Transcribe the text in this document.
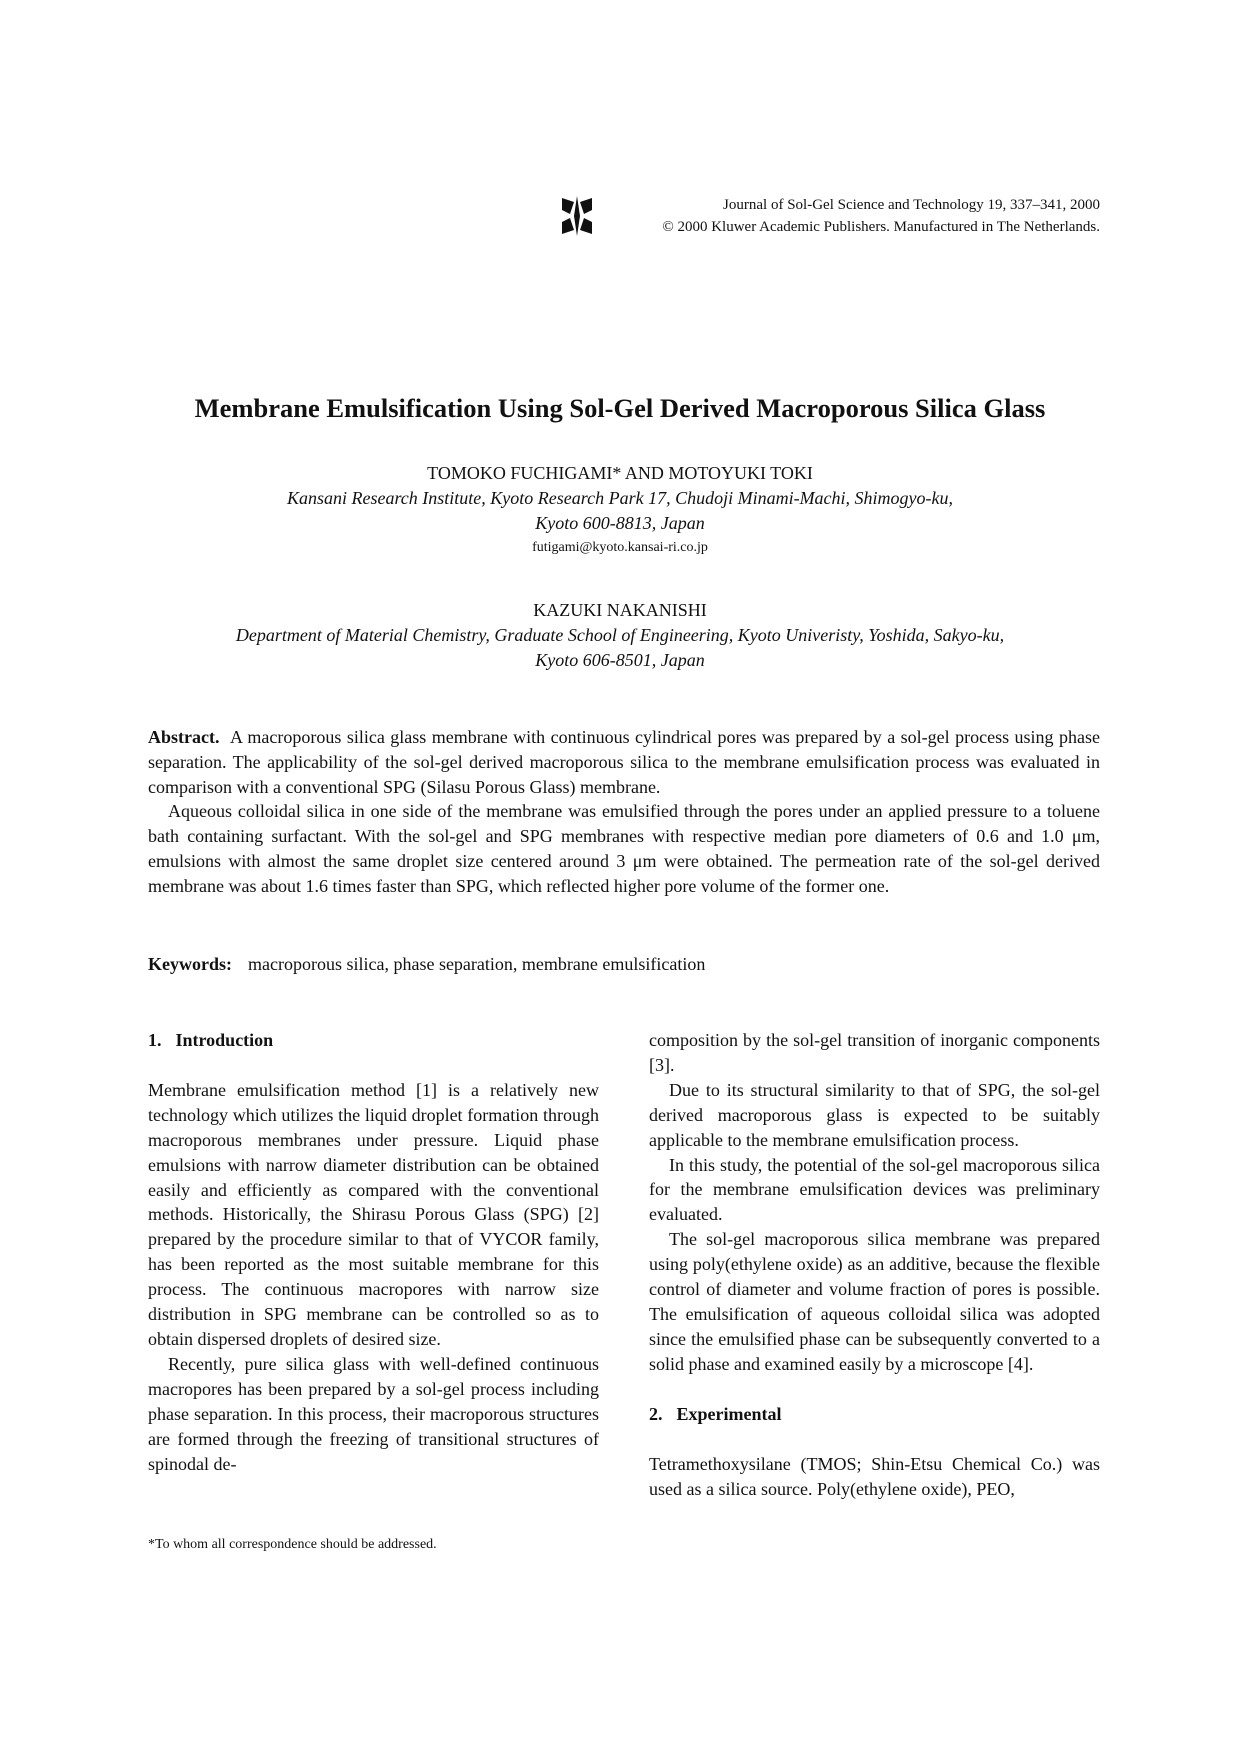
Journal of Sol-Gel Science and Technology 19, 337–341, 2000
© 2000 Kluwer Academic Publishers. Manufactured in The Netherlands.
Membrane Emulsification Using Sol-Gel Derived Macroporous Silica Glass
TOMOKO FUCHIGAMI* AND MOTOYUKI TOKI
Kansani Research Institute, Kyoto Research Park 17, Chudoji Minami-Machi, Shimogyo-ku,
Kyoto 600-8813, Japan
futigami@kyoto.kansai-ri.co.jp
KAZUKI NAKANISHI
Department of Material Chemistry, Graduate School of Engineering, Kyoto Univeristy, Yoshida, Sakyo-ku,
Kyoto 606-8501, Japan

Abstract. A macroporous silica glass membrane with continuous cylindrical pores was prepared by a sol-gel process using phase separation. The applicability of the sol-gel derived macroporous silica to the membrane emulsification process was evaluated in comparison with a conventional SPG (Silasu Porous Glass) membrane.

Aqueous colloidal silica in one side of the membrane was emulsified through the pores under an applied pressure to a toluene bath containing surfactant. With the sol-gel and SPG membranes with respective median pore diameters of 0.6 and 1.0 μm, emulsions with almost the same droplet size centered around 3 μm were obtained. The permeation rate of the sol-gel derived membrane was about 1.6 times faster than SPG, which reflected higher pore volume of the former one.

Keywords: macroporous silica, phase separation, membrane emulsification
1. Introduction

Membrane emulsification method [1] is a relatively new technology which utilizes the liquid droplet formation through macroporous membranes under pressure. Liquid phase emulsions with narrow diameter distribution can be obtained easily and efficiently as compared with the conventional methods. Historically, the Shirasu Porous Glass (SPG) [2] prepared by the procedure similar to that of VYCOR family, has been reported as the most suitable membrane for this process. The continuous macropores with narrow size distribution in SPG membrane can be controlled so as to obtain dispersed droplets of desired size.

Recently, pure silica glass with well-defined continuous macropores has been prepared by a sol-gel process including phase separation. In this process, their macroporous structures are formed through the freezing of transitional structures of spinodal de-

composition by the sol-gel transition of inorganic components [3].

Due to its structural similarity to that of SPG, the sol-gel derived macroporous glass is expected to be suitably applicable to the membrane emulsification process.

In this study, the potential of the sol-gel macroporous silica for the membrane emulsification devices was preliminary evaluated.

The sol-gel macroporous silica membrane was prepared using poly(ethylene oxide) as an additive, because the flexible control of diameter and volume fraction of pores is possible. The emulsification of aqueous colloidal silica was adopted since the emulsified phase can be subsequently converted to a solid phase and examined easily by a microscope [4].

2. Experimental

Tetramethoxysilane (TMOS; Shin-Etsu Chemical Co.) was used as a silica source. Poly(ethylene oxide), PEO,

*To whom all correspondence should be addressed.
